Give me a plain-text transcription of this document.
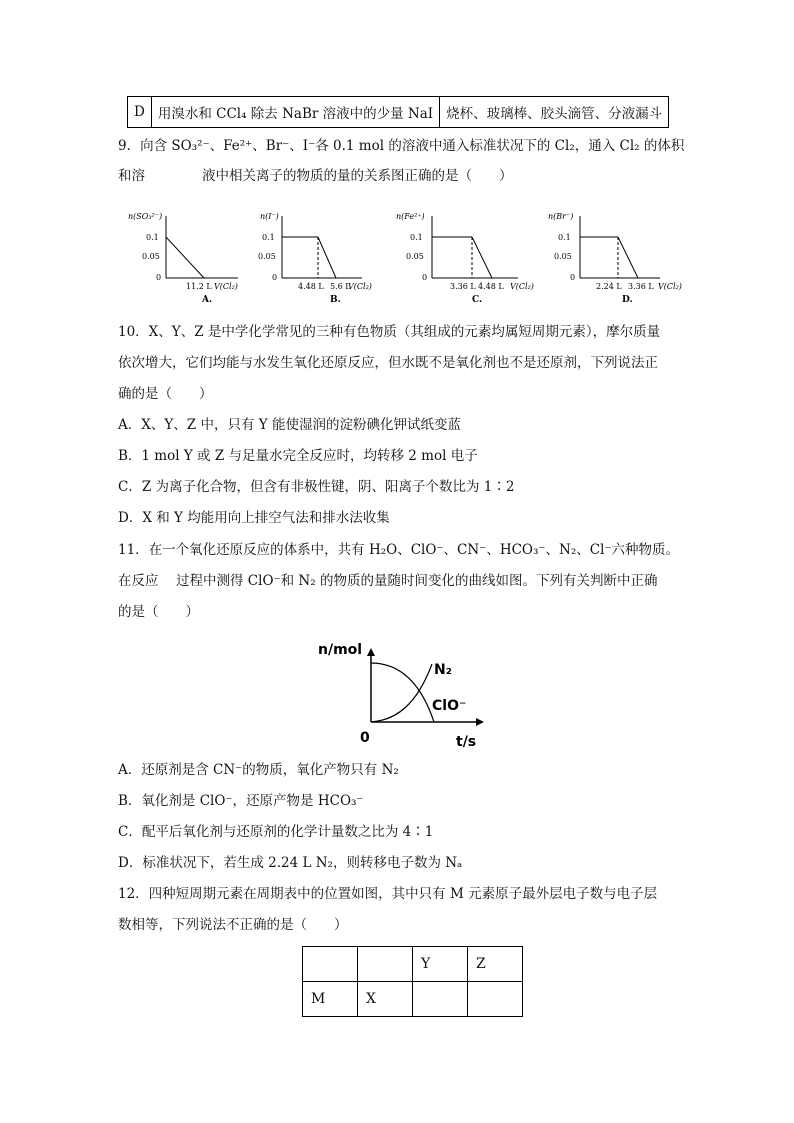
D	用溴水和 CCl₄ 除去 NaBr 溶液中的少量 NaI	烧杯、玻璃棒、胶头滴管、分液漏斗
9．向含 SO₃²⁻、Fe²⁺、Br⁻、I⁻各 0.1 mol 的溶液中通入标准状况下的 Cl₂，通入 Cl₂ 的体积
和溶	液中相关离子的物质的量的关系图正确的是（　　）
n(SO₃²⁻)
0.1
0.05
0
11.2 L V(Cl₂)
A.
n(I⁻)
0.1
0.05
0
4.48 L 5.6 L
V(Cl₂)
B.
n(Fe²⁺)
0.1
0.05
0
3.36 L 4.48 L V(Cl₂)
C.
n(Br⁻)
0.1
0.05
0
2.24 L 3.36 L V(Cl₂)
D.
10．X、Y、Z 是中学化学常见的三种有色物质（其组成的元素均属短周期元素），摩尔质量
依次增大，它们均能与水发生氧化还原反应，但水既不是氧化剂也不是还原剂，下列说法正
确的是（　　）
A．X、Y、Z 中，只有 Y 能使湿润的淀粉碘化钾试纸变蓝
B．1 mol Y 或 Z 与足量水完全反应时，均转移 2 mol 电子
C．Z 为离子化合物，但含有非极性键，阴、阳离子个数比为 1∶2
D．X 和 Y 均能用向上排空气法和排水法收集
11．在一个氧化还原反应的体系中，共有 H₂O、ClO⁻、CN⁻、HCO₃⁻、N₂、Cl⁻六种物质。
在反应 过程中测得 ClO⁻和 N₂ 的物质的量随时间变化的曲线如图。下列有关判断中正确
的是（　　）
n/mol
0	t/s
N₂
ClO⁻
A．还原剂是含 CN⁻的物质，氧化产物只有 N₂
B．氧化剂是 ClO⁻，还原产物是 HCO₃⁻
C．配平后氧化剂与还原剂的化学计量数之比为 4∶1
D．标准状况下，若生成 2.24 L N₂，则转移电子数为 Nₐ
12．四种短周期元素在周期表中的位置如图，其中只有 M 元素原子最外层电子数与电子层
数相等，下列说法不正确的是（　　）
		Y	Z
M	X		
